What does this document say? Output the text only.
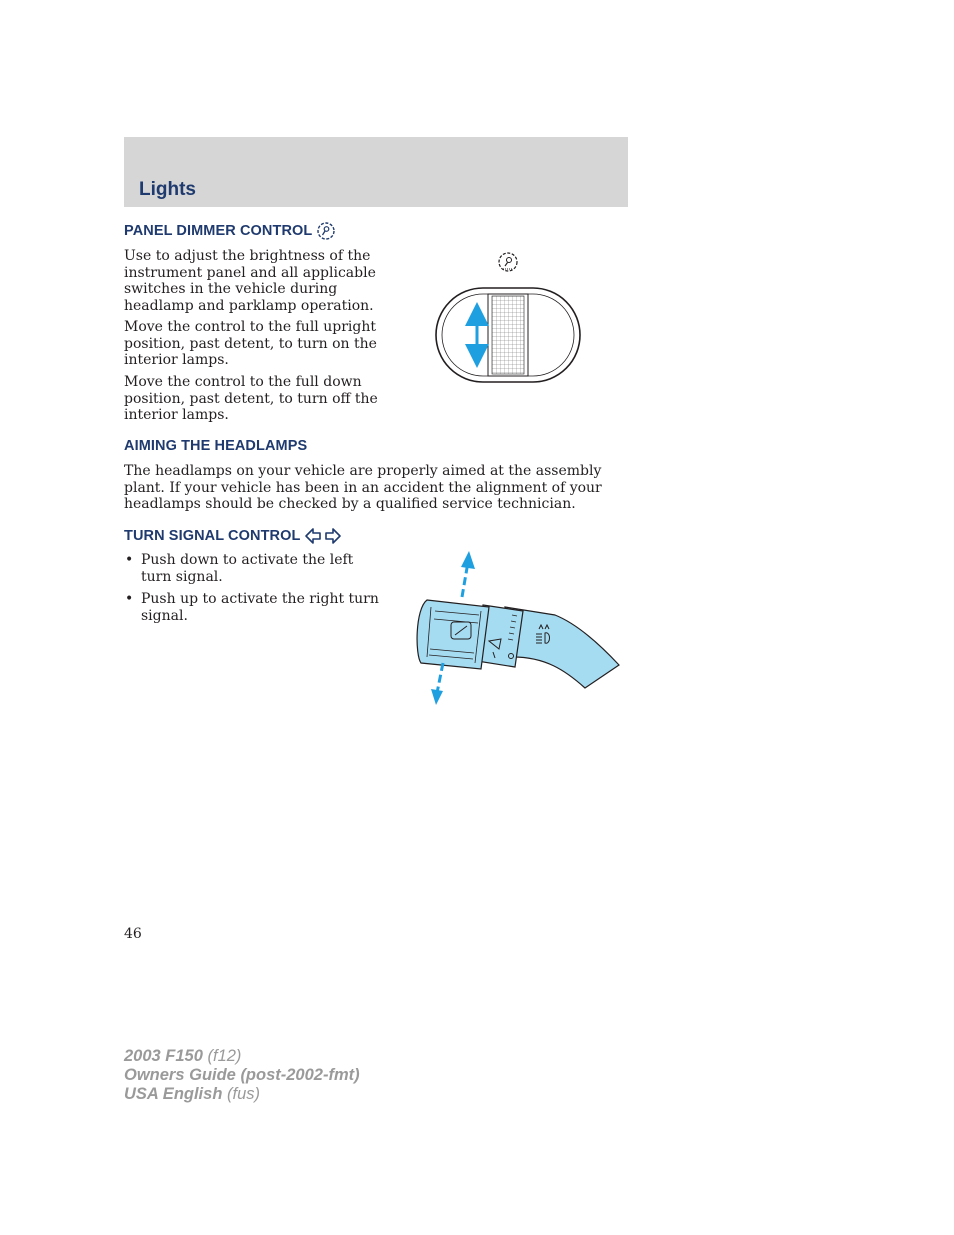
Lights
PANEL DIMMER CONTROL
Use to adjust the brightness of the instrument panel and all applicable switches in the vehicle during headlamp and parklamp operation.
Move the control to the full upright position, past detent, to turn on the interior lamps.
Move the control to the full down position, past detent, to turn off the interior lamps.
AIMING THE HEADLAMPS
The headlamps on your vehicle are properly aimed at the assembly plant. If your vehicle has been in an accident the alignment of your headlamps should be checked by a qualified service technician.
TURN SIGNAL CONTROL
• Push down to activate the left turn signal.
• Push up to activate the right turn signal.
46
2003 F150 (f12)
Owners Guide (post-2002-fmt)
USA English (fus)
